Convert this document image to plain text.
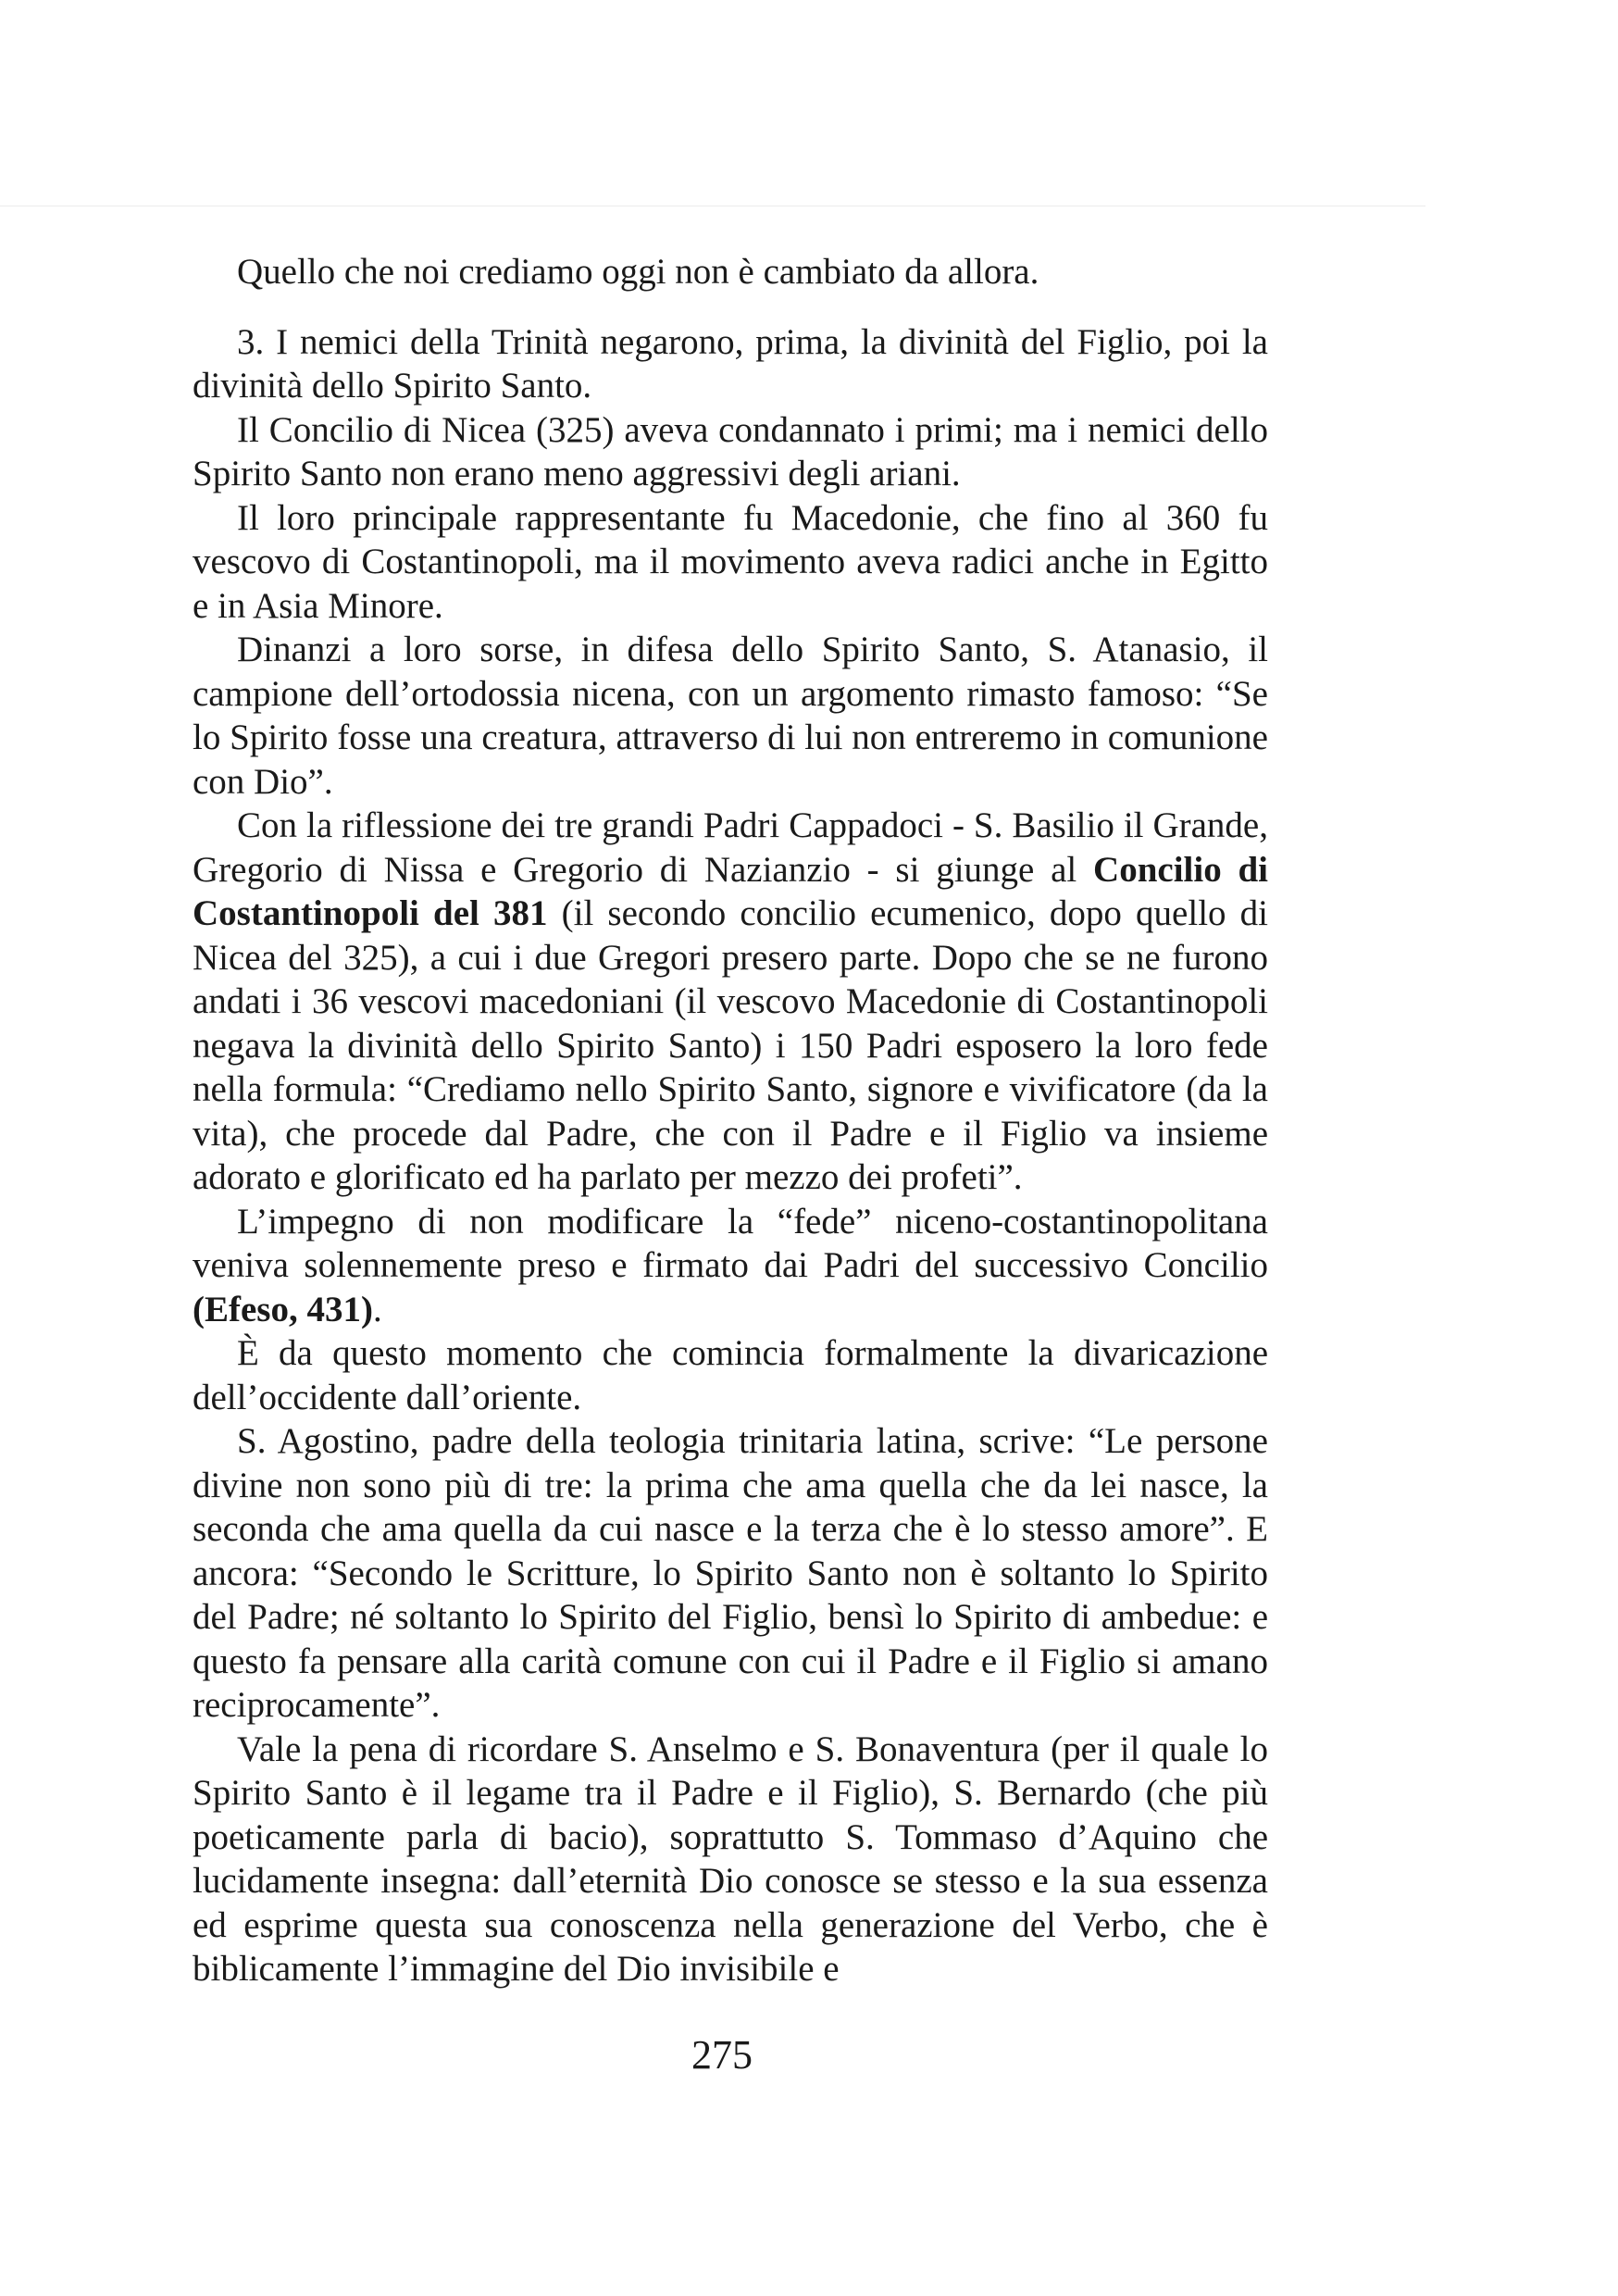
Quello che noi crediamo oggi non è cambiato da allora.

3. I nemici della Trinità negarono, prima, la divinità del Figlio, poi la divinità dello Spirito Santo.

Il Concilio di Nicea (325) aveva condannato i primi; ma i nemici dello Spirito Santo non erano meno aggressivi degli ariani.

Il loro principale rappresentante fu Macedonie, che fino al 360 fu vescovo di Costantinopoli, ma il movimento aveva radici anche in Egitto e in Asia Minore.

Dinanzi a loro sorse, in difesa dello Spirito Santo, S. Atanasio, il campione dell’ortodossia nicena, con un argomento rimasto famoso: “Se lo Spirito fosse una creatura, attraverso di lui non entreremo in comunione con Dio”.

Con la riflessione dei tre grandi Padri Cappadoci - S. Basilio il Grande, Gregorio di Nissa e Gregorio di Nazianzio - si giunge al Concilio di Costantinopoli del 381 (il secondo concilio ecumenico, dopo quello di Nicea del 325), a cui i due Gregori presero parte. Dopo che se ne furono andati i 36 vescovi macedoniani (il vescovo Macedonie di Costantinopoli negava la divinità dello Spirito Santo) i 150 Padri esposero la loro fede nella formula: “Crediamo nello Spirito Santo, signore e vivificatore (da la vita), che procede dal Padre, che con il Padre e il Figlio va insieme adorato e glorificato ed ha parlato per mezzo dei profeti”.

L’impegno di non modificare la “fede” niceno-costantinopolitana veniva solennemente preso e firmato dai Padri del successivo Concilio (Efeso, 431).

È da questo momento che comincia formalmente la divaricazione dell’occidente dall’oriente.

S. Agostino, padre della teologia trinitaria latina, scrive: “Le persone divine non sono più di tre: la prima che ama quella che da lei nasce, la seconda che ama quella da cui nasce e la terza che è lo stesso amore”. E ancora: “Secondo le Scritture, lo Spirito Santo non è soltanto lo Spirito del Padre; né soltanto lo Spirito del Figlio, bensì lo Spirito di ambedue: e questo fa pensare alla carità comune con cui il Padre e il Figlio si amano reciprocamente”.

Vale la pena di ricordare S. Anselmo e S. Bonaventura (per il quale lo Spirito Santo è il legame tra il Padre e il Figlio), S. Bernardo (che più poeticamente parla di bacio), soprattutto S. Tommaso d’Aquino che lucidamente insegna: dall’eternità Dio conosce se stesso e la sua essenza ed esprime questa sua conoscenza nella generazione del Verbo, che è biblicamente l’immagine del Dio invisibile e

275
